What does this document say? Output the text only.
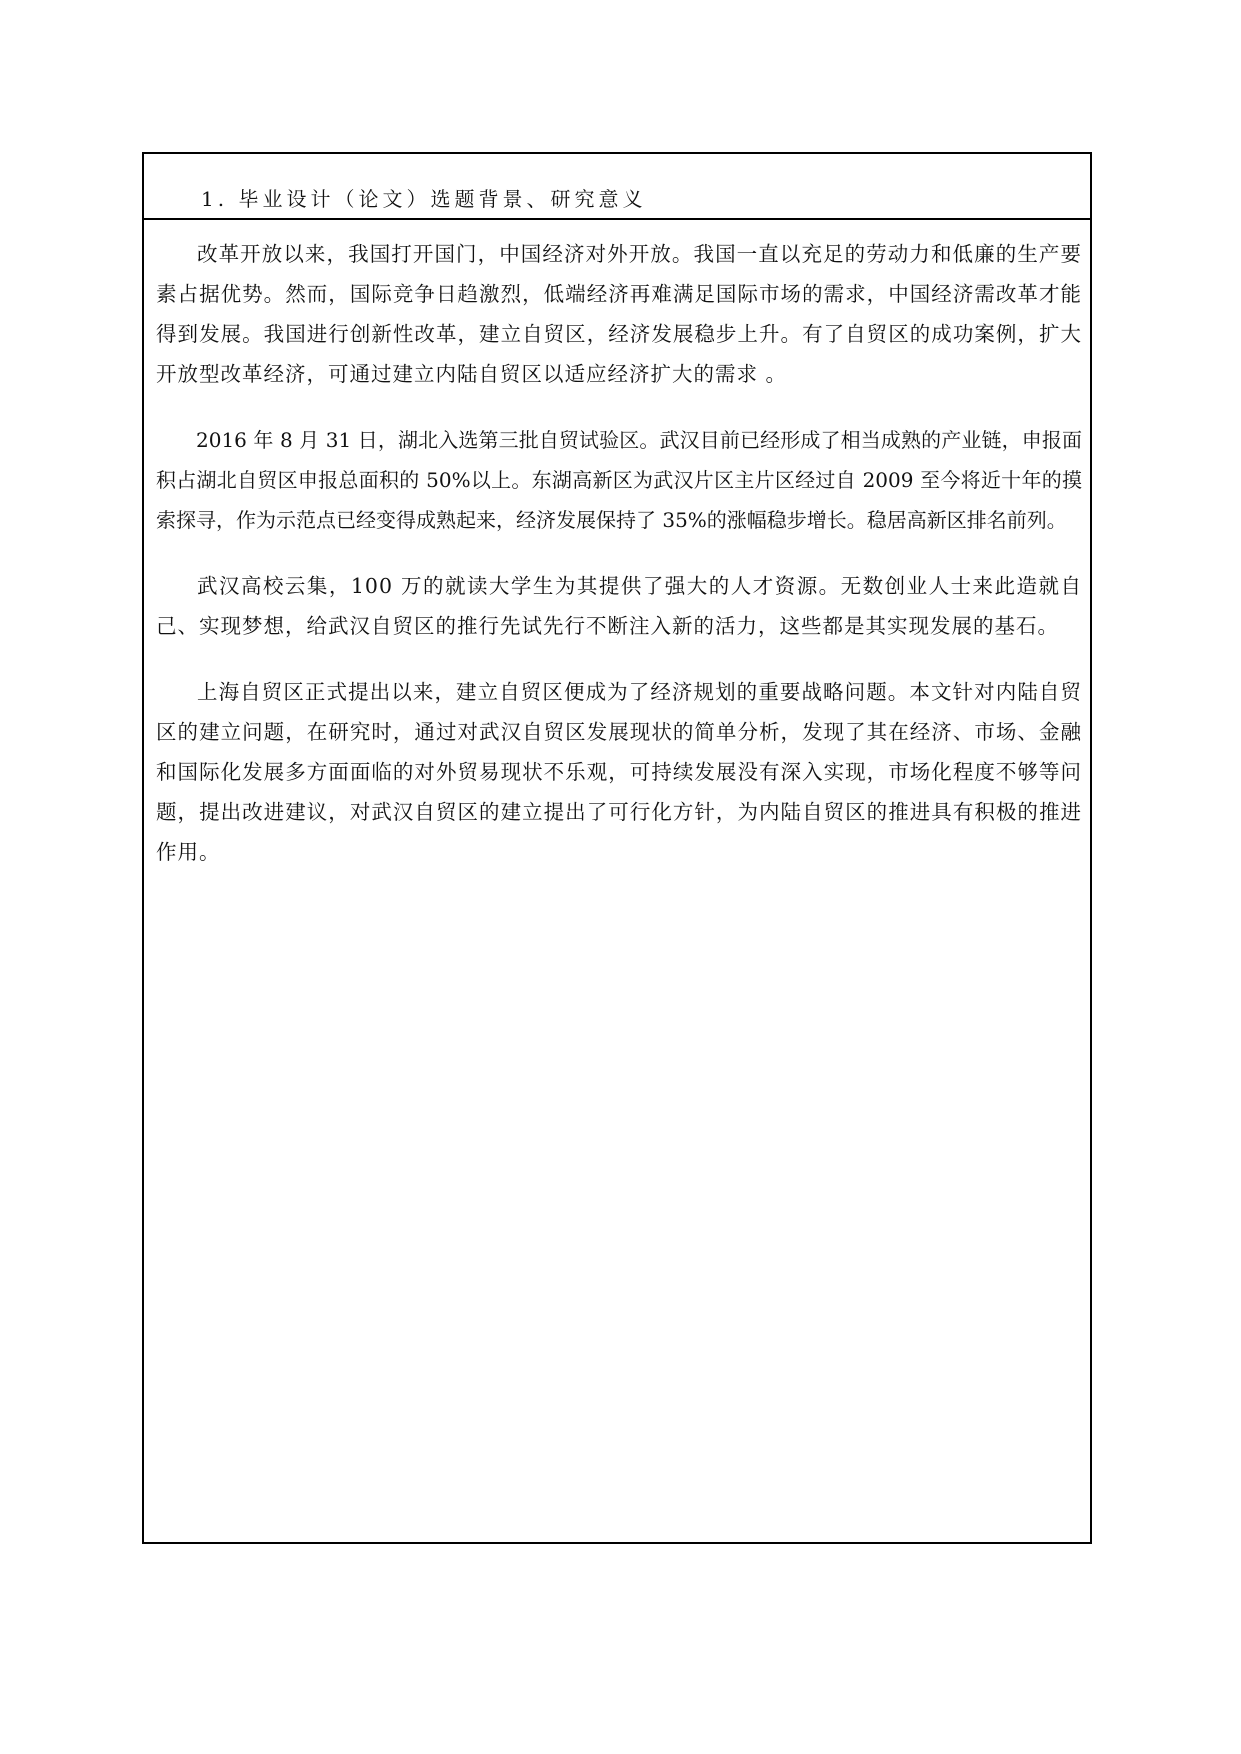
1. 毕业设计（论文）选题背景、研究意义

改革开放以来，我国打开国门，中国经济对外开放。我国一直以充足的劳动力和低廉的生产要素占据优势。然而，国际竞争日趋激烈，低端经济再难满足国际市场的需求，中国经济需改革才能得到发展。我国进行创新性改革，建立自贸区，经济发展稳步上升。有了自贸区的成功案例，扩大开放型改革经济，可通过建立内陆自贸区以适应经济扩大的需求 。

2016 年 8 月 31 日，湖北入选第三批自贸试验区。武汉目前已经形成了相当成熟的产业链，申报面积占湖北自贸区申报总面积的 50%以上。东湖高新区为武汉片区主片区经过自 2009 至今将近十年的摸索探寻，作为示范点已经变得成熟起来，经济发展保持了 35%的涨幅稳步增长。稳居高新区排名前列。

武汉高校云集，100 万的就读大学生为其提供了强大的人才资源。无数创业人士来此造就自己、实现梦想，给武汉自贸区的推行先试先行不断注入新的活力，这些都是其实现发展的基石。

上海自贸区正式提出以来，建立自贸区便成为了经济规划的重要战略问题。本文针对内陆自贸区的建立问题，在研究时，通过对武汉自贸区发展现状的简单分析，发现了其在经济、市场、金融和国际化发展多方面面临的对外贸易现状不乐观，可持续发展没有深入实现，市场化程度不够等问题，提出改进建议，对武汉自贸区的建立提出了可行化方针，为内陆自贸区的推进具有积极的推进作用。
